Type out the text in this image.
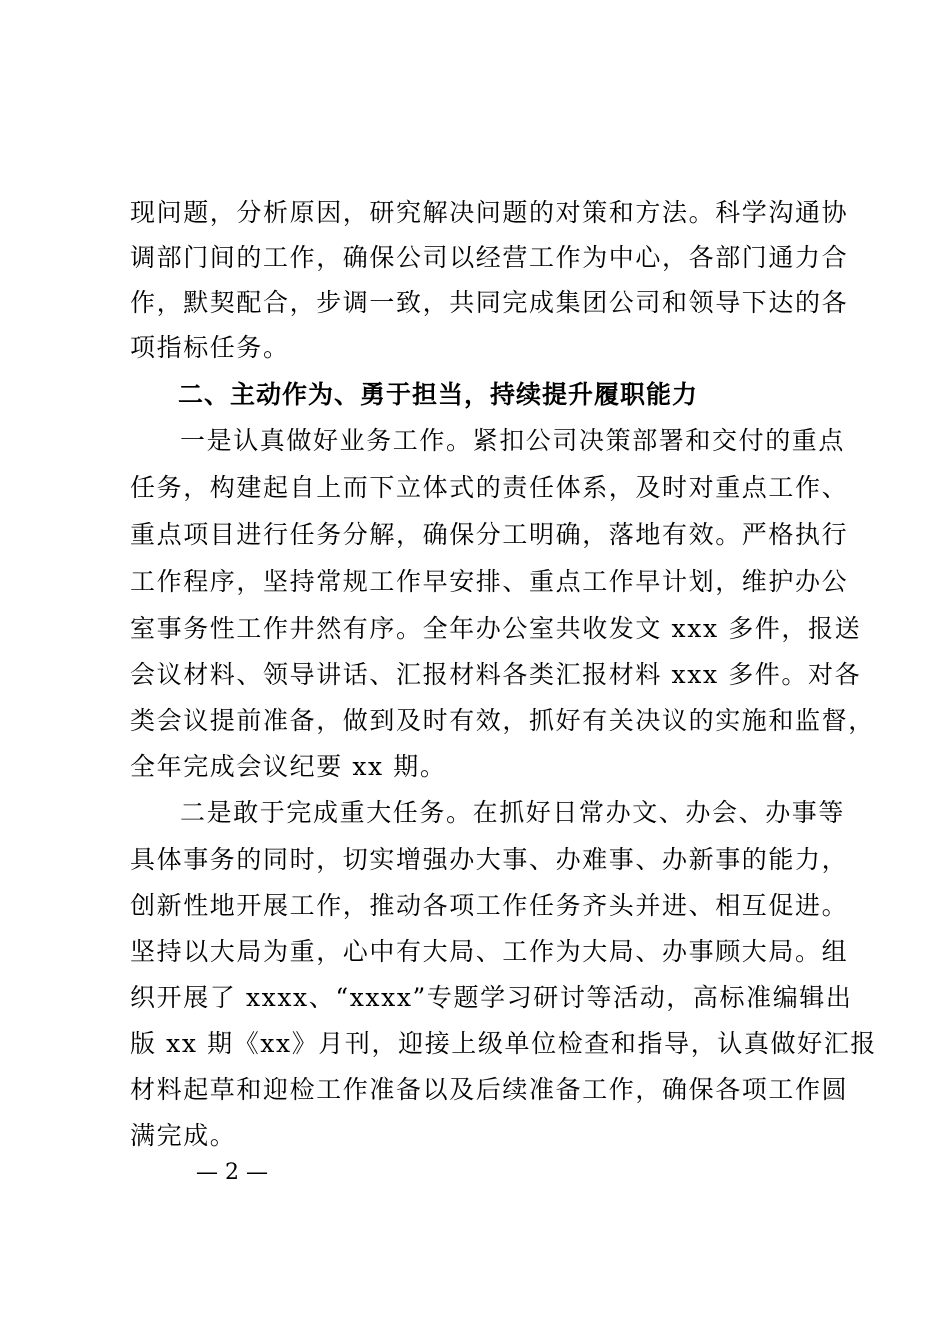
现问题，分析原因，研究解决问题的对策和方法。科学沟通协
调部门间的工作，确保公司以经营工作为中心，各部门通力合
作，默契配合，步调一致，共同完成集团公司和领导下达的各
项指标任务。
二、主动作为、勇于担当，持续提升履职能力
一是认真做好业务工作。紧扣公司决策部署和交付的重点
任务，构建起自上而下立体式的责任体系，及时对重点工作、
重点项目进行任务分解，确保分工明确，落地有效。严格执行
工作程序，坚持常规工作早安排、重点工作早计划，维护办公
室事务性工作井然有序。全年办公室共收发文 xxx 多件，报送
会议材料、领导讲话、汇报材料各类汇报材料 xxx 多件。对各
类会议提前准备，做到及时有效，抓好有关决议的实施和监督，
全年完成会议纪要 xx 期。
二是敢于完成重大任务。在抓好日常办文、办会、办事等
具体事务的同时，切实增强办大事、办难事、办新事的能力，
创新性地开展工作，推动各项工作任务齐头并进、相互促进。
坚持以大局为重，心中有大局、工作为大局、办事顾大局。组
织开展了 xxxx、“xxxx”专题学习研讨等活动，高标准编辑出
版 xx 期《xx》月刊，迎接上级单位检查和指导，认真做好汇报
材料起草和迎检工作准备以及后续准备工作，确保各项工作圆
满完成。
— 2 —
